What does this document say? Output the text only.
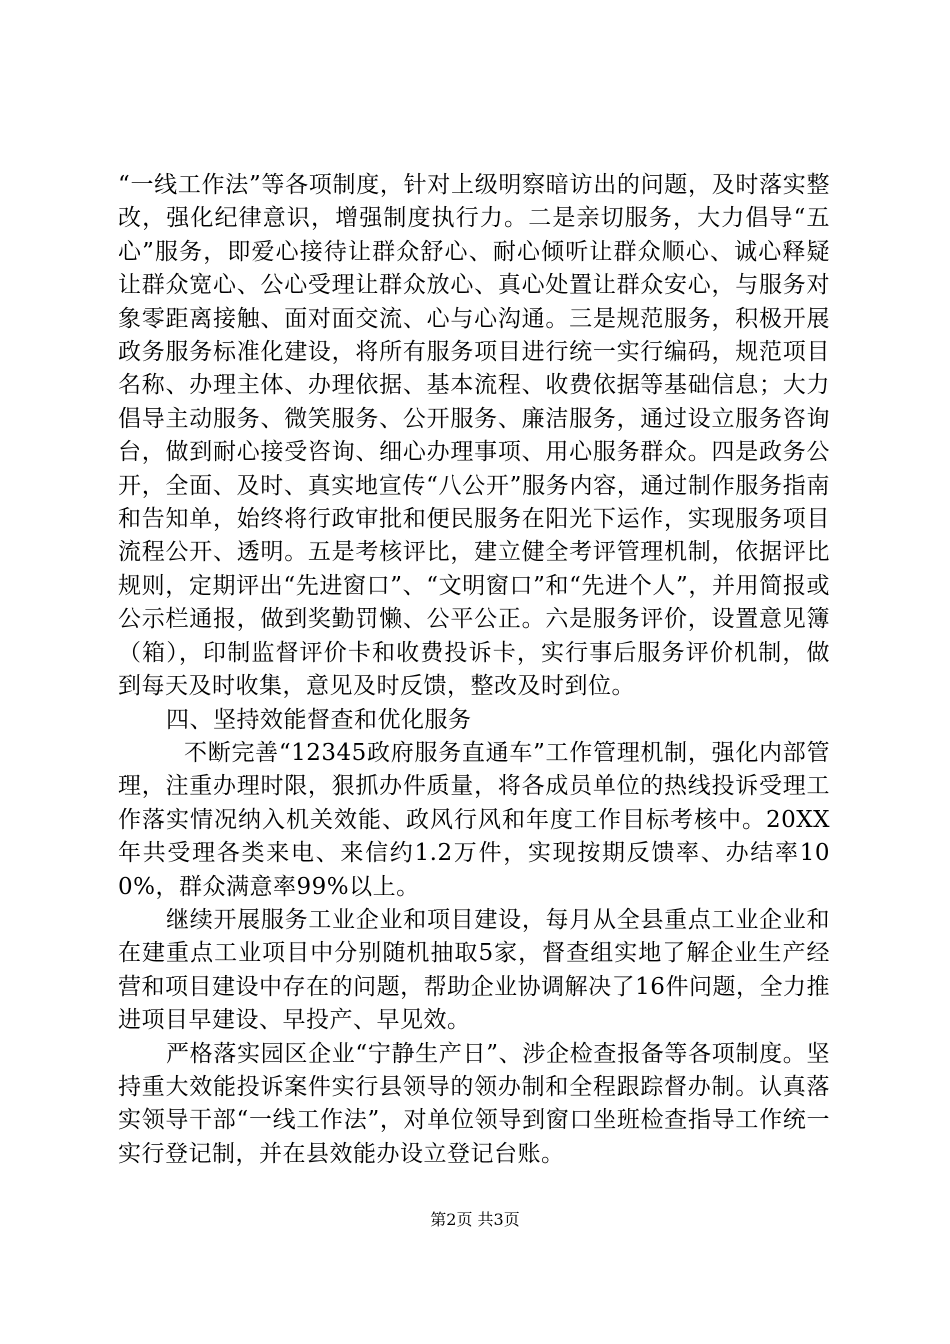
“一线工作法”等各项制度，针对上级明察暗访出的问题，及时落实整改，强化纪律意识，增强制度执行力。二是亲切服务，大力倡导“五心”服务，即爱心接待让群众舒心、耐心倾听让群众顺心、诚心释疑让群众宽心、公心受理让群众放心、真心处置让群众安心，与服务对象零距离接触、面对面交流、心与心沟通。三是规范服务，积极开展政务服务标准化建设，将所有服务项目进行统一实行编码，规范项目名称、办理主体、办理依据、基本流程、收费依据等基础信息；大力倡导主动服务、微笑服务、公开服务、廉洁服务，通过设立服务咨询台，做到耐心接受咨询、细心办理事项、用心服务群众。四是政务公开，全面、及时、真实地宣传“八公开”服务内容，通过制作服务指南和告知单，始终将行政审批和便民服务在阳光下运作，实现服务项目流程公开、透明。五是考核评比，建立健全考评管理机制，依据评比规则，定期评出“先进窗口”、“文明窗口”和“先进个人”，并用简报或公示栏通报，做到奖勤罚懒、公平公正。六是服务评价，设置意见簿（箱），印制监督评价卡和收费投诉卡，实行事后服务评价机制，做到每天及时收集，意见及时反馈，整改及时到位。

四、坚持效能督查和优化服务

不断完善“12345政府服务直通车”工作管理机制，强化内部管理，注重办理时限，狠抓办件质量，将各成员单位的热线投诉受理工作落实情况纳入机关效能、政风行风和年度工作目标考核中。20XX年共受理各类来电、来信约1.2万件，实现按期反馈率、办结率100%，群众满意率99%以上。

继续开展服务工业企业和项目建设，每月从全县重点工业企业和在建重点工业项目中分别随机抽取5家，督查组实地了解企业生产经营和项目建设中存在的问题，帮助企业协调解决了16件问题，全力推进项目早建设、早投产、早见效。

严格落实园区企业“宁静生产日”、涉企检查报备等各项制度。坚持重大效能投诉案件实行县领导的领办制和全程跟踪督办制。认真落实领导干部“一线工作法”，对单位领导到窗口坐班检查指导工作统一实行登记制，并在县效能办设立登记台账。

第2页 共3页
